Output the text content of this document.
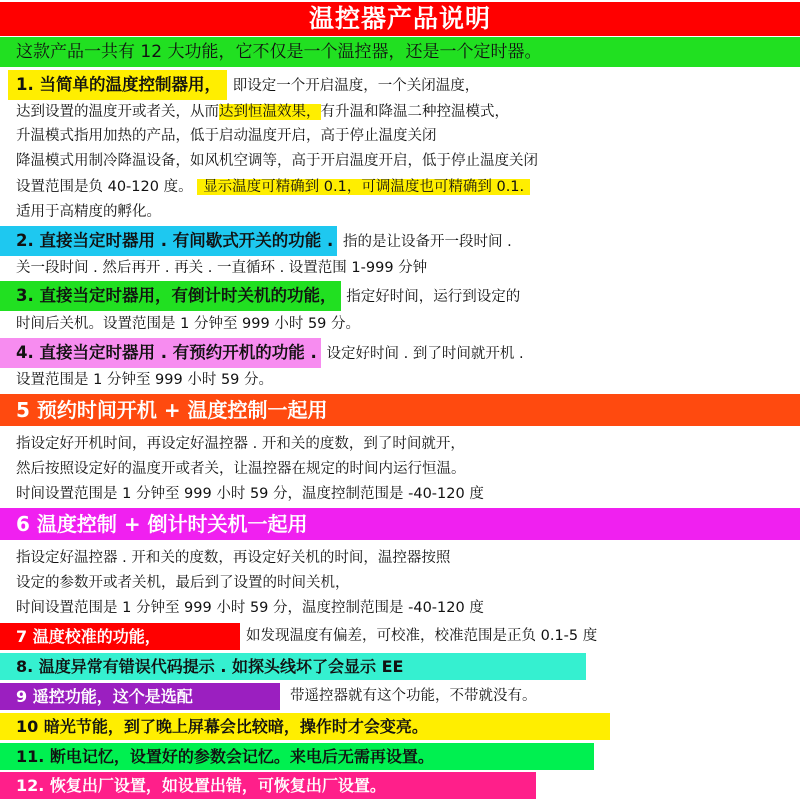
温控器产品说明
这款产品一共有 12 大功能，它不仅是一个温控器，还是一个定时器。
1. 当简单的温度控制器用， 即设定一个开启温度，一个关闭温度，
达到设置的温度开或者关，从而达到恒温效果，有升温和降温二种控温模式，
升温模式指用加热的产品，低于启动温度开启，高于停止温度关闭
降温模式用制冷降温设备，如风机空调等，高于开启温度开启，低于停止温度关闭
设置范围是负 40-120 度。 显示温度可精确到 0.1，可调温度也可精确到 0.1.
适用于高精度的孵化。
2. 直接当定时器用 . 有间歇式开关的功能 . 指的是让设备开一段时间 .
关一段时间 . 然后再开 . 再关 . 一直循环 . 设置范围 1-999 分钟
3. 直接当定时器用，有倒计时关机的功能， 指定好时间，运行到设定的
时间后关机。设置范围是 1 分钟至 999 小时 59 分。
4. 直接当定时器用 . 有预约开机的功能 . 设定好时间 . 到了时间就开机 .
设置范围是 1 分钟至 999 小时 59 分。
5 预约时间开机 + 温度控制一起用
指设定好开机时间，再设定好温控器 . 开和关的度数，到了时间就开，
然后按照设定好的温度开或者关，让温控器在规定的时间内运行恒温。
时间设置范围是 1 分钟至 999 小时 59 分，温度控制范围是 -40-120 度
6 温度控制 + 倒计时关机一起用
指设定好温控器 . 开和关的度数，再设定好关机的时间，温控器按照
设定的参数开或者关机，最后到了设置的时间关机，
时间设置范围是 1 分钟至 999 小时 59 分，温度控制范围是 -40-120 度
7 温度校准的功能，	如发现温度有偏差，可校准，校准范围是正负 0.1-5 度
8. 温度异常有错误代码提示 . 如探头线坏了会显示 EE
9 遥控功能，这个是选配	带遥控器就有这个功能，不带就没有。
10 暗光节能，到了晚上屏幕会比较暗，操作时才会变亮。
11. 断电记忆，设置好的参数会记忆。来电后无需再设置。
12. 恢复出厂设置，如设置出错，可恢复出厂设置。
